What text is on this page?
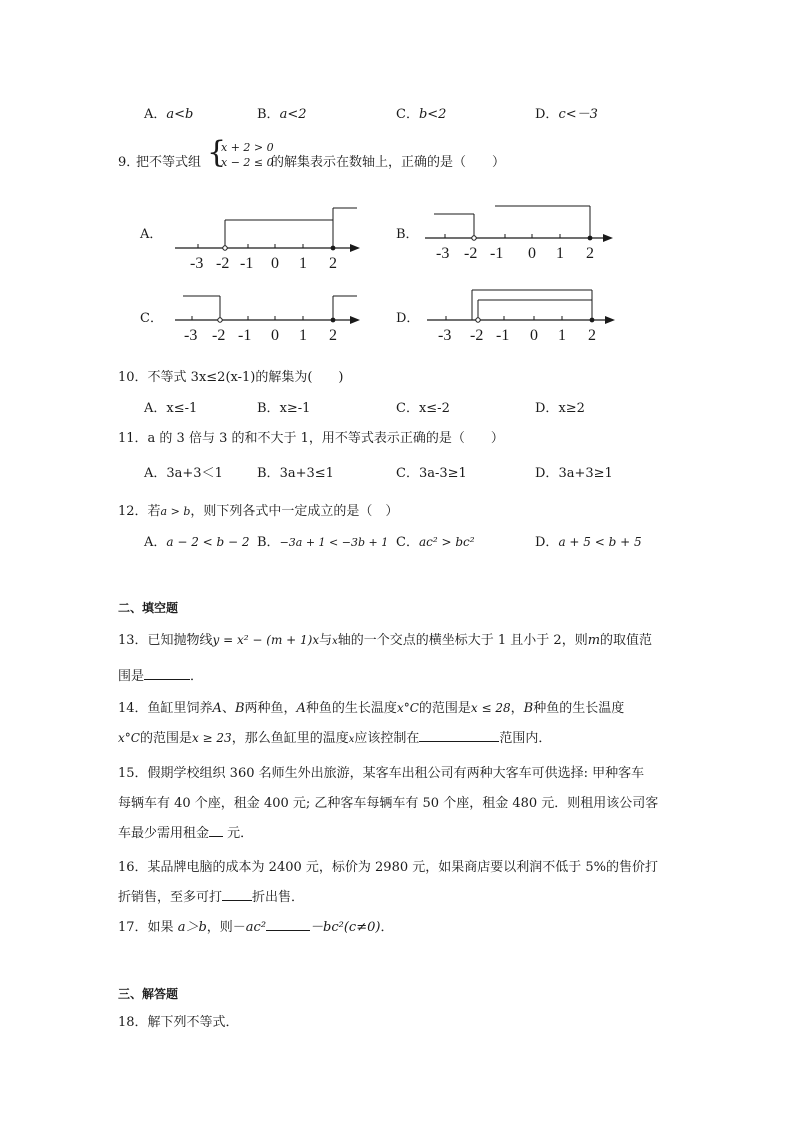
A．a<b	B．a<2	C．b<2	D．c<－3
9．
把不等式组 {
x + 2 > 0
x − 2 ≤ 0
的解集表示在数轴上，正确的是（　　）
A．	B．
C．	D．
-3 -2 -1 0 1 2
-3 -2 -1 0 1 2
-3 -2 -1 0 1 2	-3 -2 -1 0 1 2
10．不等式 3x≤2(x-1)的解集为(　　)
A．x≤-1	B．x≥-1	C．x≤-2	D．x≥2
11．a 的 3 倍与 3 的和不大于 1，用不等式表示正确的是（　　）
A．3a+3＜1	B．3a+3≤1	C．3a-3≥1	D．3a+3≥1
12．若a > b，则下列各式中一定成立的是（　）
A．a − 2 < b − 2 B．−3a + 1 < −3b + 1 C．ac² > bc²	D．a + 5 < b + 5
二、填空题
13．已知抛物线y = x² − (m + 1)x与x轴的一个交点的横坐标大于 1 且小于 2，则m的取值范
围是	．
14．鱼缸里饲养A、B两种鱼，A种鱼的生长温度x°C的范围是x ≤ 28，B种鱼的生长温度
x°C的范围是x ≥ 23，那么鱼缸里的温度x应该控制在	范围内．
15．假期学校组织 360 名师生外出旅游，某客车出租公司有两种大客车可供选择: 甲种客车
每辆车有 40 个座，租金 400 元; 乙种客车每辆车有 50 个座，租金 480 元．则租用该公司客
车最少需用租金 元．
16．某品牌电脑的成本为 2400 元，标价为 2980 元，如果商店要以利润不低于 5%的售价打
折销售，至多可打 折出售．
17．如果 a＞b，则－ac²	－bc²(c≠0)．
三、解答题
18．解下列不等式．
